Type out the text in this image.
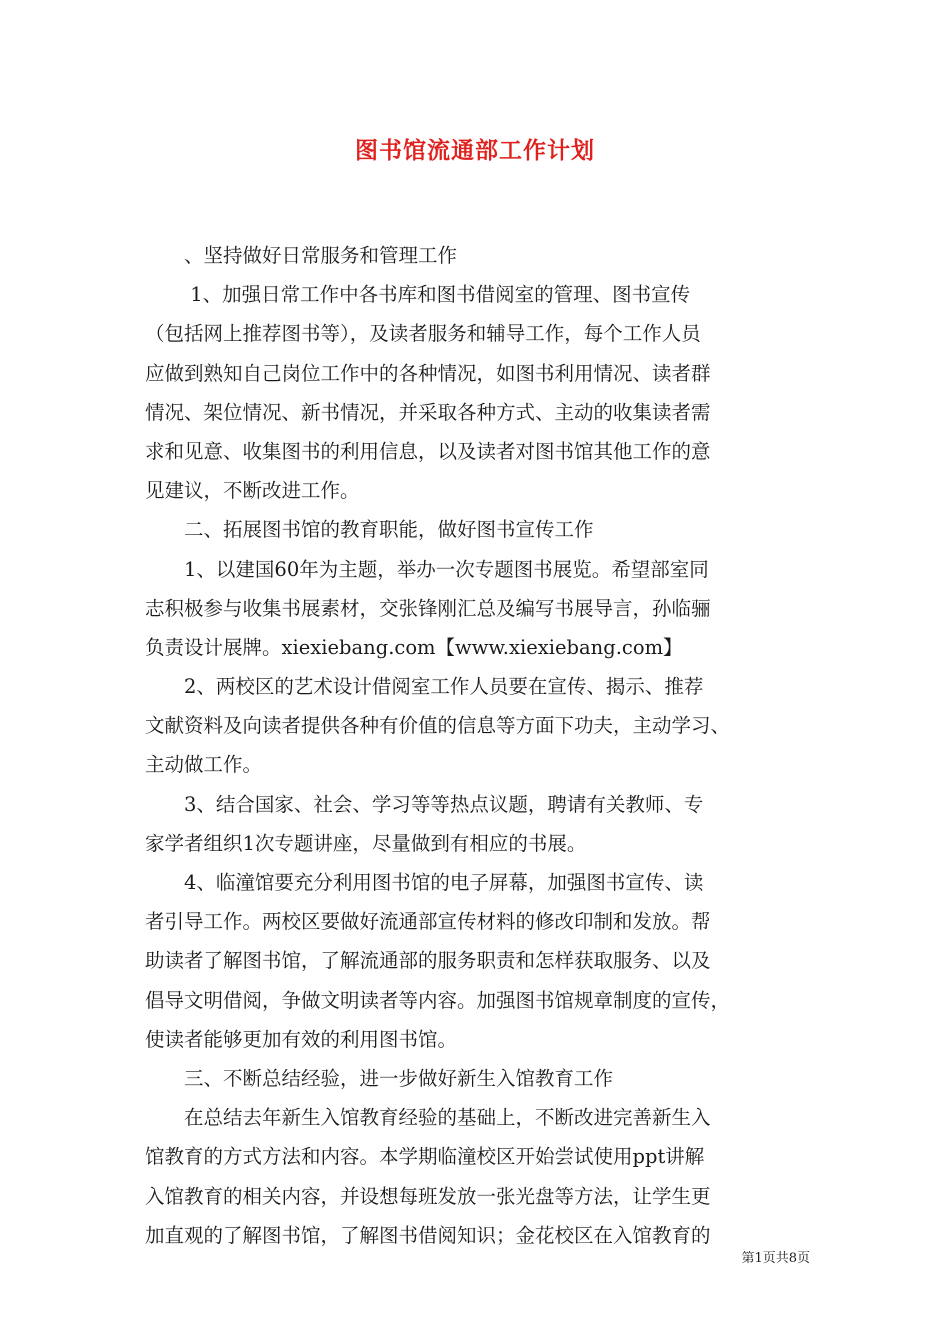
图书馆流通部工作计划
　　、坚持做好日常服务和管理工作
　　 1、加强日常工作中各书库和图书借阅室的管理、图书宣传
（包括网上推荐图书等），及读者服务和辅导工作，每个工作人员
应做到熟知自己岗位工作中的各种情况，如图书利用情况、读者群
情况、架位情况、新书情况，并采取各种方式、主动的收集读者需
求和见意、收集图书的利用信息，以及读者对图书馆其他工作的意
见建议，不断改进工作。
　　二、拓展图书馆的教育职能，做好图书宣传工作
　　1、以建国60年为主题，举办一次专题图书展览。希望部室同
志积极参与收集书展素材，交张锋刚汇总及编写书展导言，孙临骊
负责设计展牌。xiexiebang.com【www.xiexiebang.com】
　　2、两校区的艺术设计借阅室工作人员要在宣传、揭示、推荐
文献资料及向读者提供各种有价值的信息等方面下功夫，主动学习、
主动做工作。
　　3、结合国家、社会、学习等等热点议题，聘请有关教师、专
家学者组织1次专题讲座，尽量做到有相应的书展。
　　4、临潼馆要充分利用图书馆的电子屏幕，加强图书宣传、读
者引导工作。两校区要做好流通部宣传材料的修改印制和发放。帮
助读者了解图书馆，了解流通部的服务职责和怎样获取服务、以及
倡导文明借阅，争做文明读者等内容。加强图书馆规章制度的宣传，
使读者能够更加有效的利用图书馆。
　　三、不断总结经验，进一步做好新生入馆教育工作
　　在总结去年新生入馆教育经验的基础上，不断改进完善新生入
馆教育的方式方法和内容。本学期临潼校区开始尝试使用ppt讲解
入馆教育的相关内容，并设想每班发放一张光盘等方法，让学生更
加直观的了解图书馆，了解图书借阅知识；金花校区在入馆教育的
第1页共8页
